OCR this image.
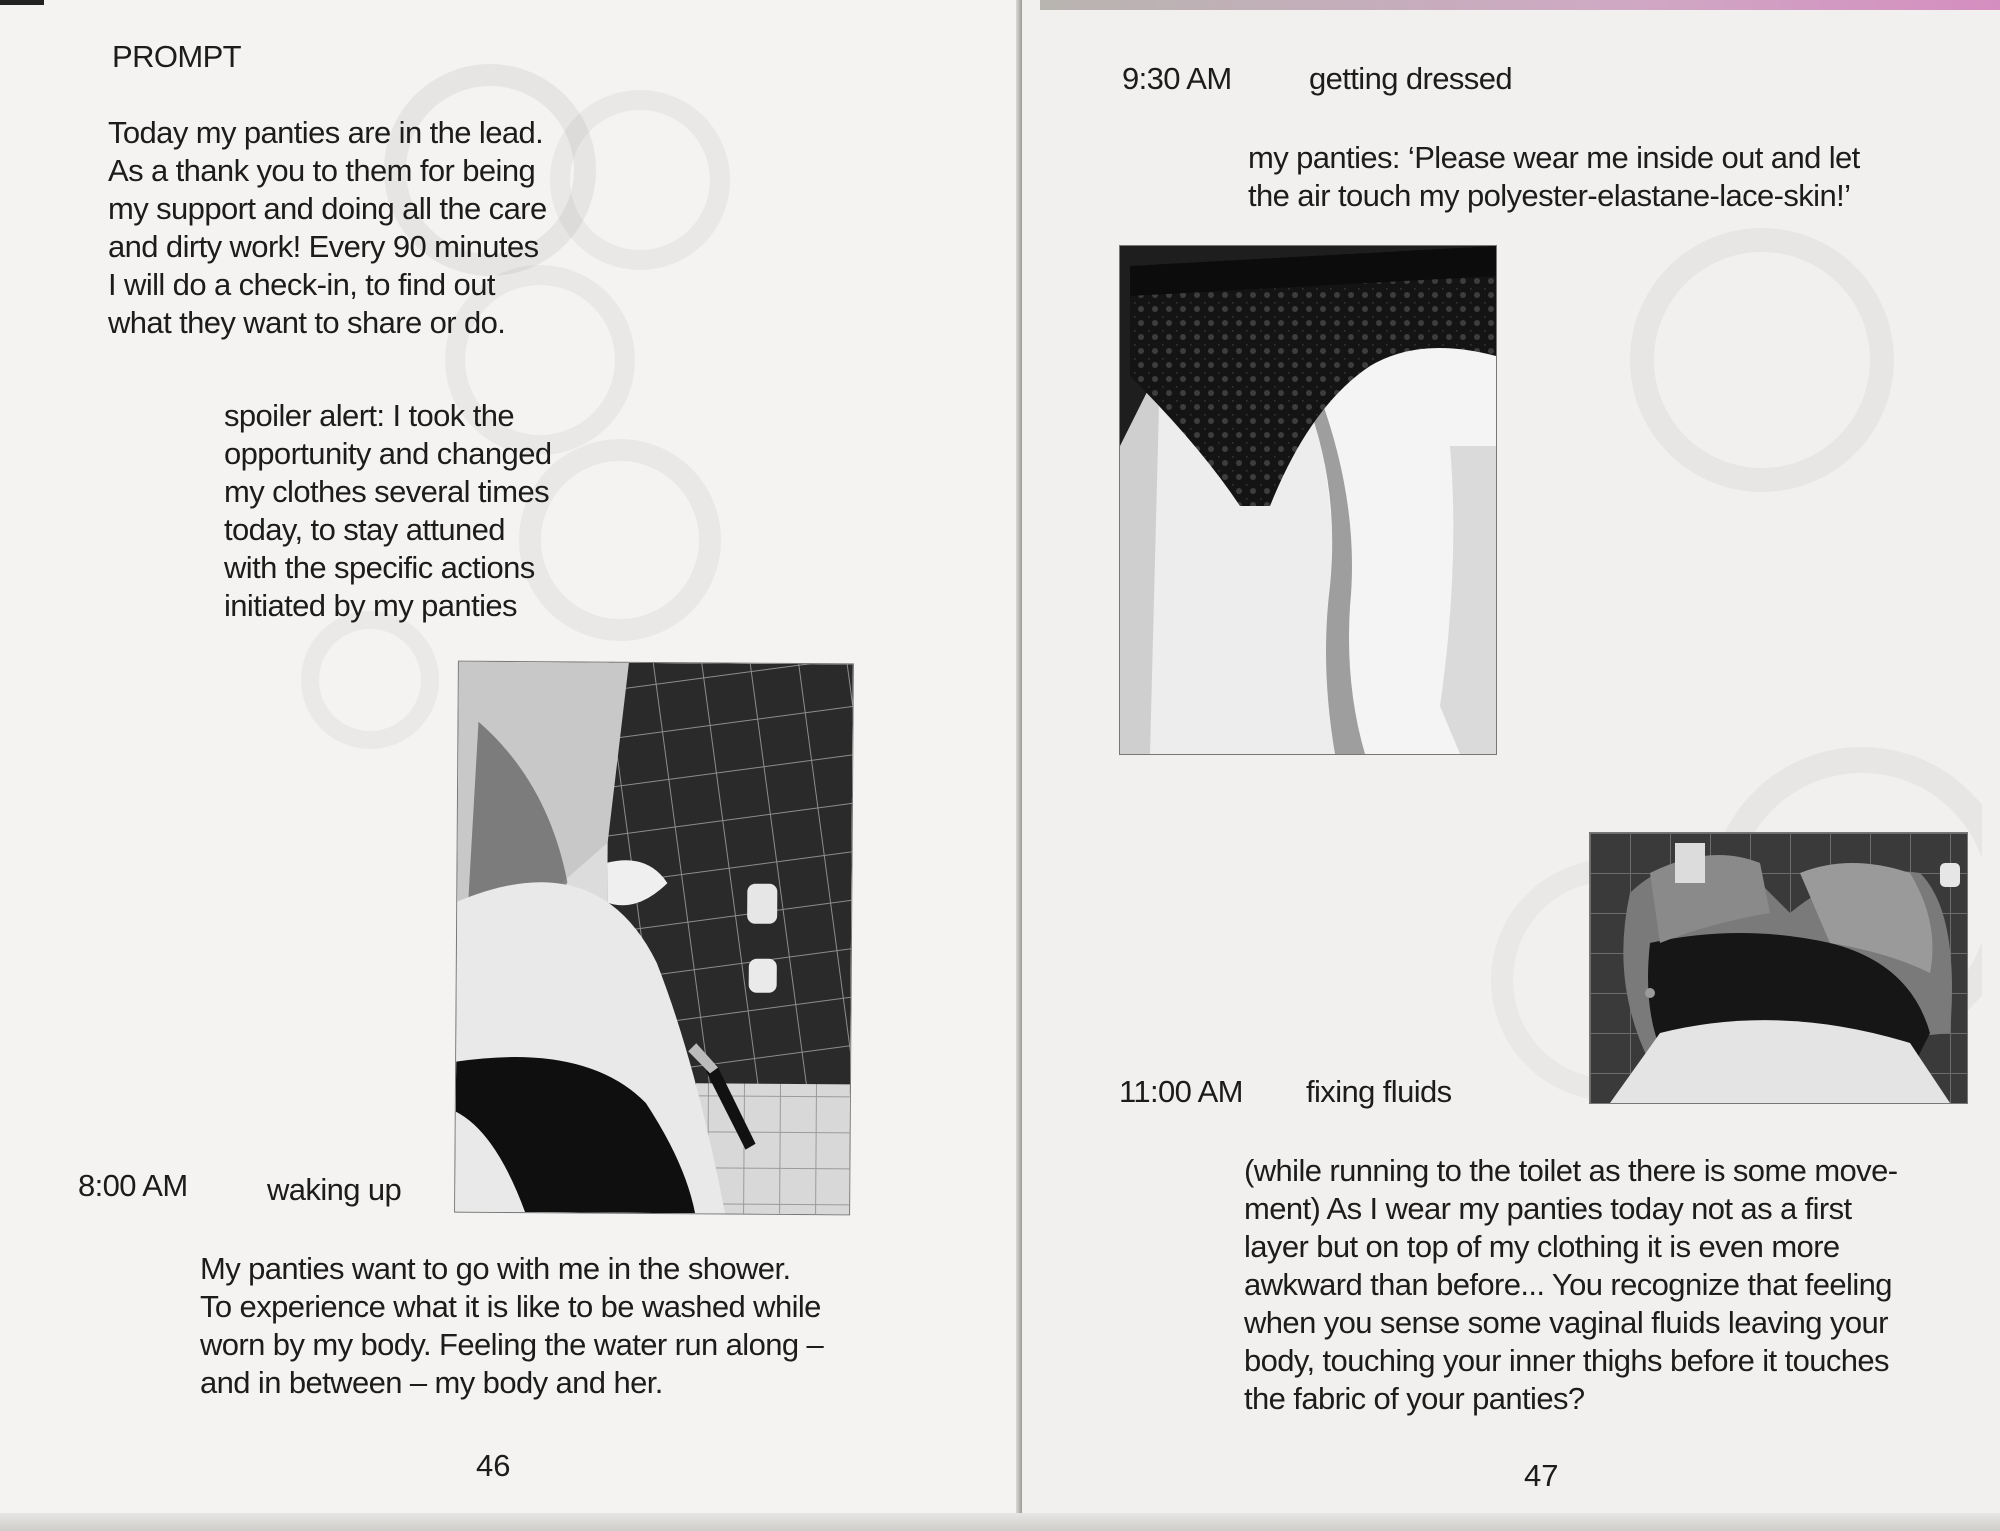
PROMPT

Today my panties are in the lead.

As a thank you to them for being

my support and doing all the care

and dirty work! Every 90 minutes

I will do a check-in, to find out

what they want to share or do.

spoiler alert: I took the

opportunity and changed

my clothes several times

today, to stay attuned

with the specific actions

initiated by my panties

8:00 AM	waking up

My panties want to go with me in the shower.

To experience what it is like to be washed while

worn by my body. Feeling the water run along –

and in between – my body and her.

46
9:30 AM getting dressed

my panties: ‘Please wear me inside out and let

the air touch my polyester-elastane-lace-skin!’

11:00 AM fixing fluids

(while running to the toilet as there is some move-

ment) As I wear my panties today not as a first

layer but on top of my clothing it is even more

awkward than before... You recognize that feeling

when you sense some vaginal fluids leaving your

body, touching your inner thighs before it touches

the fabric of your panties?

47
